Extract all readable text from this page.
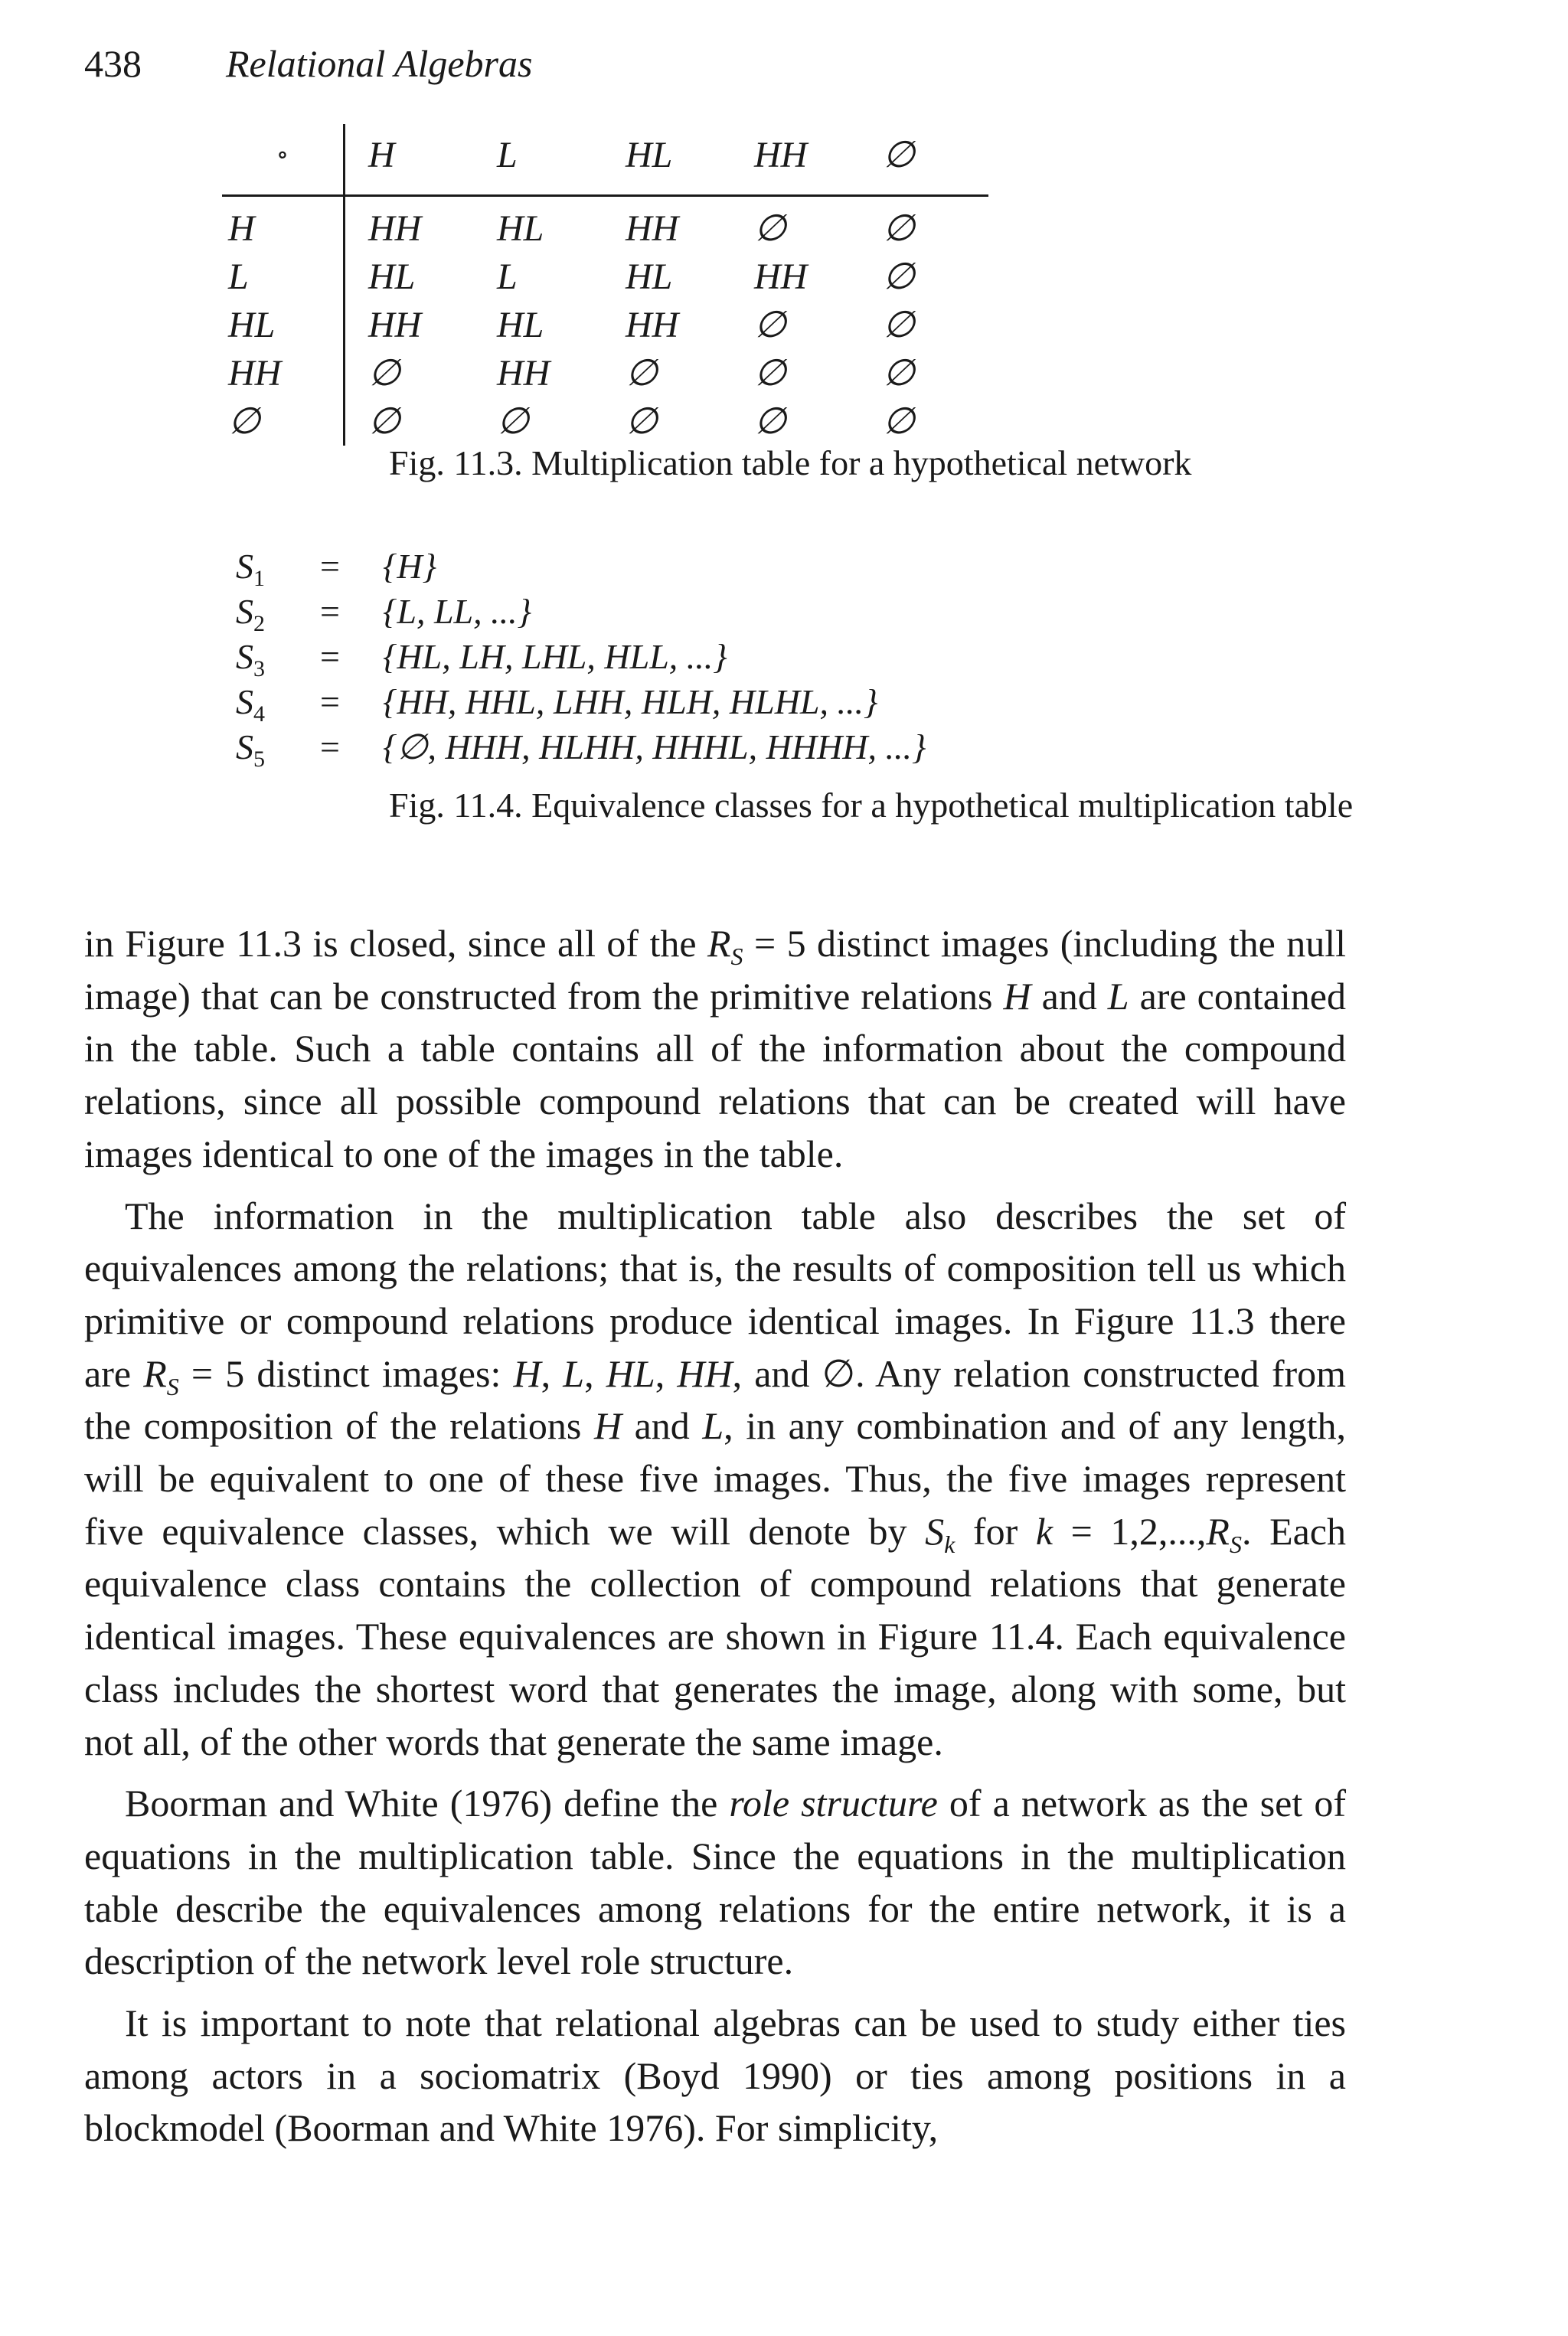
438 Relational Algebras
∘	H	L	HL	HH	∅
H	HH	HL	HH	∅	∅
L	HL	L	HL	HH	∅
HL	HH	HL	HH	∅	∅
HH	∅	HH	∅	∅	∅
∅	∅	∅	∅	∅	∅
Fig. 11.3. Multiplication table for a hypothetical network
$S_1 = \{H\}$
$S_2 = \{L$, LL, ...}
$S_3 = \{HL$, LH, LHL, HLL, ...}
$S_4 = \{HH$, HHL, LHH, HLH, HLHL, ...}
$S_5$ = {∅, HHH, HLHH, HHHL, HHHH, ...}
Fig. 11.4. Equivalence classes for a hypothetical multiplication table

in Figure 11.3 is closed, since all of the $R_S = 5$ distinct images (including the null image) that can be constructed from the primitive relations H and L are contained in the table. Such a table contains all of the information about the compound relations, since all possible compound relations that can be created will have images identical to one of the images in the table.

The information in the multiplication table also describes the set of equivalences among the relations; that is, the results of composition tell us which primitive or compound relations produce identical images. In Figure 11.3 there are $R_S = 5$ distinct images: H, L, HL, HH, and ∅. Any relation constructed from the composition of the relations H and L, in any combination and of any length, will be equivalent to one of these five images. Thus, the five images represent five equivalence classes, which we will denote by $S_k$ for $k = 1,2,...,R_S$. Each equivalence class contains the collection of compound relations that generate identical images. These equivalences are shown in Figure 11.4. Each equivalence class includes the shortest word that generates the image, along with some, but not all, of the other words that generate the same image.

Boorman and White (1976) define the role structure of a network as the set of equations in the multiplication table. Since the equations in the multiplication table describe the equivalences among relations for the entire network, it is a description of the network level role structure.

It is important to note that relational algebras can be used to study either ties among actors in a sociomatrix (Boyd 1990) or ties among positions in a blockmodel (Boorman and White 1976). For simplicity,
